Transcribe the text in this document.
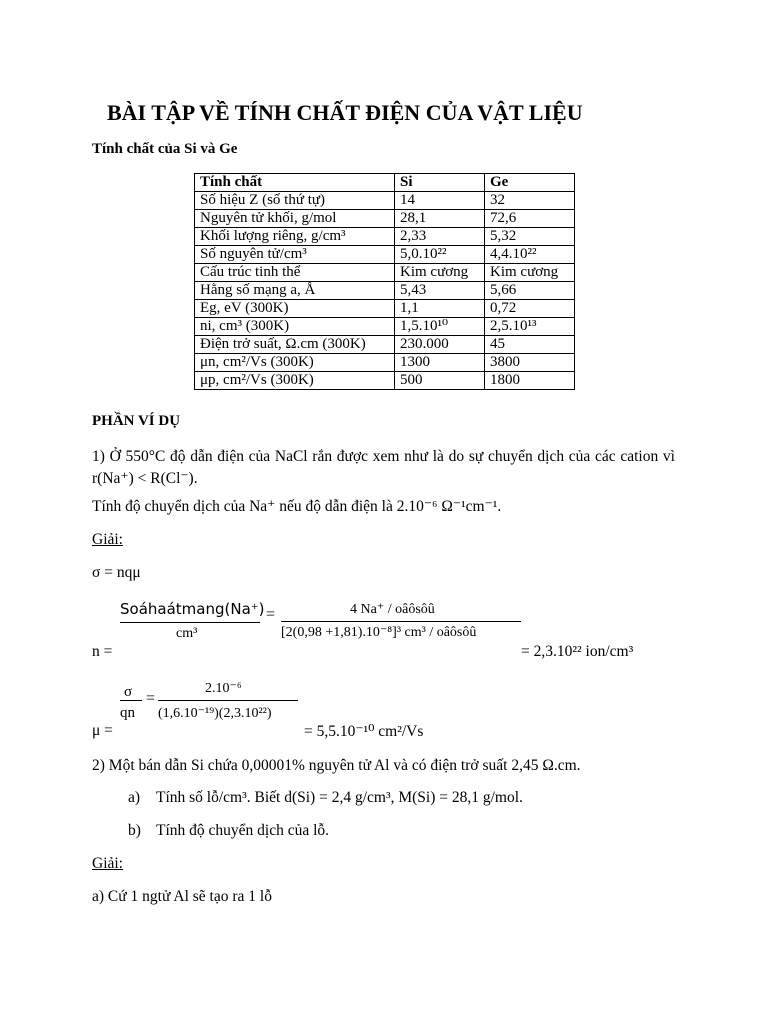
BÀI TẬP VỀ TÍNH CHẤT ĐIỆN CỦA VẬT LIỆU
Tính chất của Si và Ge
Tính chất	Si	Ge
Số hiệu Z (số thứ tự)	14	32
Nguyên tử khối, g/mol	28,1	72,6
Khối lượng riêng, g/cm³	2,33	5,32
Số nguyên tử/cm³	5,0.10²²	4,4.10²²
Cấu trúc tinh thể	Kim cương	Kim cương
Hằng số mạng a, Å	5,43	5,66
Eg, eV (300K)	1,1	0,72
ni, cm³ (300K)	1,5.10¹⁰	2,5.10¹³
Điện trở suất, Ω.cm (300K)	230.000	45
μn, cm²/Vs (300K)	1300	3800
μp, cm²/Vs (300K)	500	1800
PHẦN VÍ DỤ
1) Ở 550°C độ dẫn điện của NaCl rắn được xem như là do sự chuyển dịch của các cation vì r(Na⁺) < R(Cl⁻).
Tính độ chuyển dịch của Na⁺ nếu độ dẫn điện là 2.10⁻⁶ Ω⁻¹cm⁻¹.
Giải:
σ = nqμ
Soáhaátmang(Na⁺)
cm³
=	4 Na⁺ / oâôsôû
[2(0,98 +1,81).10⁻⁸]³ cm³ / oâôsôû
n =	= 2,3.10²² ion/cm³
σ
qn
=
2.10⁻⁶
(1,6.10⁻¹⁹)(2,3.10²²)
μ =	= 5,5.10⁻¹⁰ cm²/Vs
2) Một bán dẫn Si chứa 0,00001% nguyên tử Al và có điện trở suất 2,45 Ω.cm.
a) Tính số lỗ/cm³. Biết d(Si) = 2,4 g/cm³, M(Si) = 28,1 g/mol.
b) Tính độ chuyển dịch của lỗ.
Giải:
a) Cứ 1 ngtử Al sẽ tạo ra 1 lỗ
